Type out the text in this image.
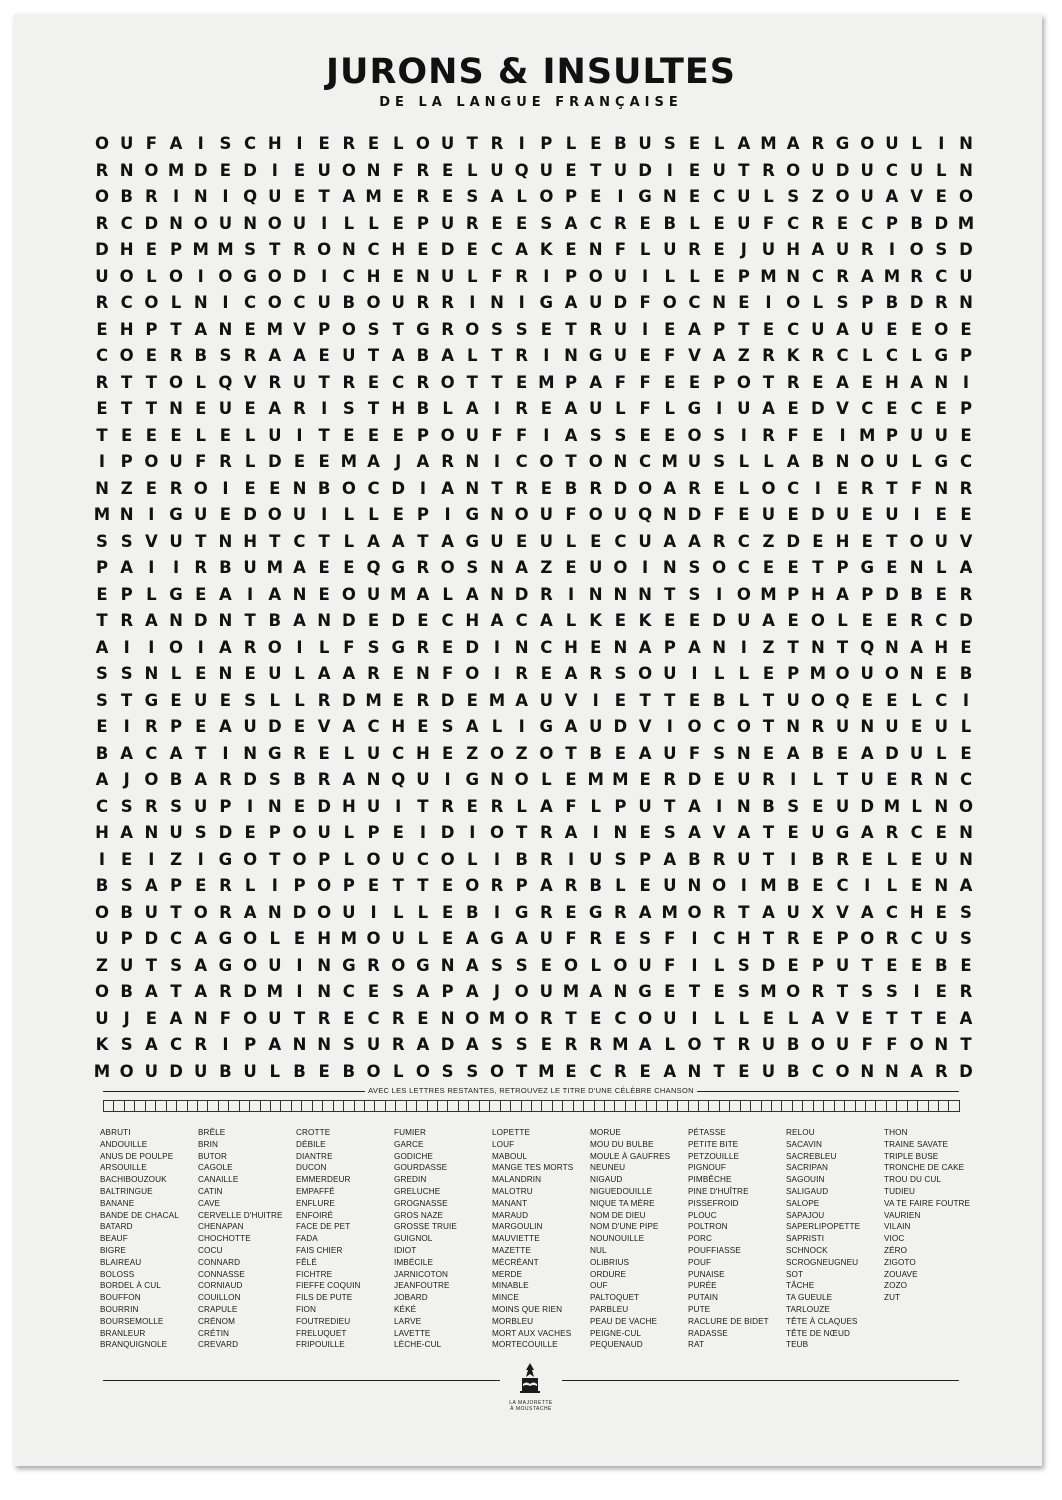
JURONS & INSULTES
DE LA LANGUE FRANÇAISE
O U F A I S C H I E R E L O U T R I P L E B U S E L A M A R G O U L I N
R N O M D E D I E U O N F R E L U Q U E T U D I E U T R O U D U C U L N
O B R I N I Q U E T A M E R E S A L O P E I G N E C U L S Z O U A V E O
R C D N O U N O U I L L E P U R E E S A C R E B L E U F C R E C P B D M
D H E P M M S T R O N C H E D E C A K E N F L U R E J U H A U R I O S D
U O L O I O G O D I C H E N U L F R I P O U I L L E P M N C R A M R C U
R C O L N I C O C U B O U R R I N I G A U D F O C N E I O L S P B D R N
E H P T A N E M V P O S T G R O S S E T R U I E A P T E C U A U E E O E
C O E R B S R A A E U T A B A L T R I N G U E F V A Z R K R C L C L G P
R T T O L Q V R U T R E C R O T T E M P A F F E E P O T R E A E H A N I
E T T N E U E A R I S T H B L A I R E A U L F L G I U A E D V C E C E P
T E E E L E L U I T E E E P O U F F I A S S E E O S I R F E I M P U U E
I P O U F R L D E E M A J A R N I C O T O N C M U S L L A B N O U L G C
N Z E R O I E E N B O C D I A N T R E B R D O A R E L O C I E R T F N R
M N I G U E D O U I L L E P I G N O U F O U Q N D F E U E D U E U I E E
S S V U T N H T C T L A A T A G U E U L E C U A A R C Z D E H E T O U V
P A I	I R B U M A E E Q G R O S N A Z E U O I N S O C E E T P G E N L A
E P L G E A I A N E O U M A L A N D R I N N N T S I O M P H A P D B E R
T R A N D N T B A N D E D E C H A C A L K E K E E D U A E O L E E R C D
A I	I O I A R O I L F S G R E D I N C H E N A P A N I Z T N T Q N A H E
S S N L E N E U L A A R E N F O I R E A R S O U I L L E P M O U O N E B
S T G E U E S L L R D M E R D E M A U V I E T T E B L T U O Q E E L C I
E I R P E A U D E V A C H E S A L I G A U D V I O C O T N R U N U E U L
B A C A T I N G R E L U C H E Z O Z O T B E A U F S N E A B E A D U L E
A J O B A R D S B R A N Q U I G N O L E M M E R D E U R I L T U E R N C
C S R S U P I N E D H U I T R E R L A F L P U T A I N B S E U D M L N O
H A N U S D E P O U L P E I D I O T R A I N E S A V A T E U G A R C E N
I E I Z I G O T O P L O U C O L I B R I U S P A B R U T I B R E L E U N
B S A P E R L I P O P E T T E O R P A R B L E U N O I M B E C I L E N A
O B U T O R A N D O U I L L E B I G R E G R A M O R T A U X V A C H E S
U P D C A G O L E H M O U L E A G A U F R E S F I C H T R E P O R C U S
Z U T S A G O U I N G R O G N A S S E O L O U F I L S D E P U T E E B E
O B A T A R D M I N C E S A P A J O U M A N G E T E S M O R T S S I E R
U J E A N F O U T R E C R E N O M O R T E C O U I L L E L A V E T T E A
K S A C R I P A N N S U R A D A S S E R R M A L O T R U B O U F F O N T
M O U D U B U L B E B O L O S S O T M E C R E A N T E U B C O N N A R D
AVEC LES LETTRES RESTANTES, RETROUVEZ LE TITRE D'UNE CÉLÈBRE CHANSON
ABRUTI
ANDOUILLE
ANUS DE POULPE
ARSOUILLE
BACHIBOUZOUK
BALTRINGUE
BANANE
BANDE DE CHACAL
BATARD
BEAUF
BIGRE
BLAIREAU
BOLOSS
BORDEL À CUL
BOUFFON
BOURRIN
BOURSEMOLLE
BRANLEUR
BRANQUIGNOLE
BRÊLE
BRIN
BUTOR
CAGOLE
CANAILLE
CATIN
CAVE
CERVELLE D'HUITRE
CHENAPAN
CHOCHOTTE
COCU
CONNARD
CONNASSE
CORNIAUD
COUILLON
CRAPULE
CRÉNOM
CRÉTIN
CREVARD
CROTTE
DÉBILE
DIANTRE
DUCON
EMMERDEUR
EMPAFFÉ
ENFLURE
ENFOIRÉ
FACE DE PET
FADA
FAIS CHIER
FÊLÉ
FICHTRE
FIEFFE COQUIN
FILS DE PUTE
FION
FOUTREDIEU
FRELUQUET
FRIPOUILLE
FUMIER
GARCE
GODICHE
GOURDASSE
GREDIN
GRELUCHE
GROGNASSE
GROS NAZE
GROSSE TRUIE
GUIGNOL
IDIOT
IMBÉCILE
JARNICOTON
JEANFOUTRE
JOBARD
KÉKÉ
LARVE
LAVETTE
LÈCHE-CUL
LOPETTE
LOUF
MABOUL
MANGE TES MORTS
MALANDRIN
MALOTRU
MANANT
MARAUD
MARGOULIN
MAUVIETTE
MAZETTE
MÉCRÉANT
MERDE
MINABLE
MINCE
MOINS QUE RIEN
MORBLEU
MORT AUX VACHES
MORTECOUILLE
MORUE
MOU DU BULBE
MOULE À GAUFRES
NEUNEU
NIGAUD
NIGUEDOUILLE
NIQUE TA MÈRE
NOM DE DIEU
NOM D'UNE PIPE
NOUNOUILLE
NUL
OLIBRIUS
ORDURE
OUF
PALTOQUET
PARBLEU
PEAU DE VACHE
PEIGNE-CUL
PEQUENAUD
PÉTASSE
PETITE BITE
PETZOUILLE
PIGNOUF
PIMBÊCHE
PINE D'HUÎTRE
PISSEFROID
PLOUC
POLTRON
PORC
POUFFIASSE
POUF
PUNAISE
PURÉE
PUTAIN
PUTE
RACLURE DE BIDET
RADASSE
RAT
RELOU
SACAVIN
SACREBLEU
SACRIPAN
SAGOUIN
SALIGAUD
SALOPE
SAPAJOU
SAPERLIPOPETTE
SAPRISTI
SCHNOCK
SCROGNEUGNEU
SOT
TÂCHE
TA GUEULE
TARLOUZE
TÊTE À CLAQUES
TÊTE DE NŒUD
TEUB
THON
TRAINE SAVATE
TRIPLE BUSE
TRONCHE DE CAKE
TROU DU CUL
TUDIEU
VA TE FAIRE FOUTRE
VAURIEN
VILAIN
VIOC
ZÉRO
ZIGOTO
ZOUAVE
ZOZO
ZUT
LA MAJORETTE
À MOUSTACHE
